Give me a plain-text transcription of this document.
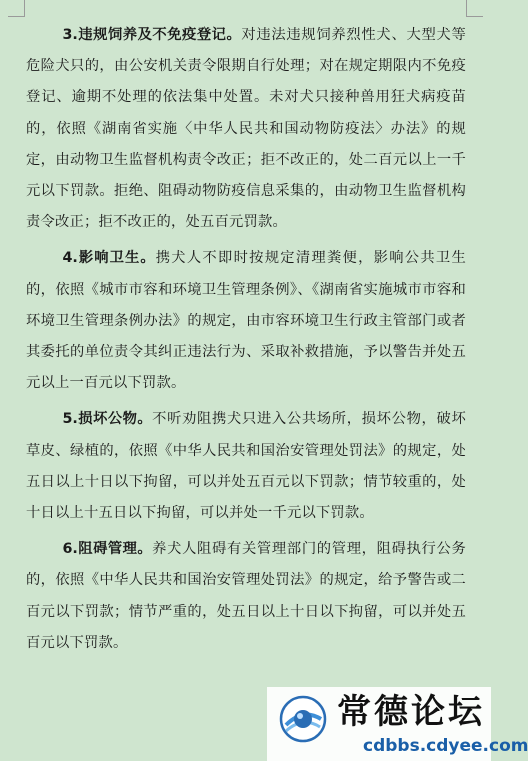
3.违规饲养及不免疫登记。对违法违规饲养烈性犬、大型犬等危险犬只的，由公安机关责令限期自行处理；对在规定期限内不免疫登记、逾期不处理的依法集中处置。未对犬只接种兽用狂犬病疫苗的，依照《湖南省实施〈中华人民共和国动物防疫法〉办法》的规定，由动物卫生监督机构责令改正；拒不改正的，处二百元以上一千元以下罚款。拒绝、阻碍动物防疫信息采集的，由动物卫生监督机构责令改正；拒不改正的，处五百元罚款。

4.影响卫生。携犬人不即时按规定清理粪便，影响公共卫生的，依照《城市市容和环境卫生管理条例》、《湖南省实施城市市容和环境卫生管理条例办法》的规定，由市容环境卫生行政主管部门或者其委托的单位责令其纠正违法行为、采取补救措施，予以警告并处五元以上一百元以下罚款。

5.损坏公物。不听劝阻携犬只进入公共场所，损坏公物，破坏草皮、绿植的，依照《中华人民共和国治安管理处罚法》的规定，处五日以上十日以下拘留，可以并处五百元以下罚款；情节较重的，处十日以上十五日以下拘留，可以并处一千元以下罚款。

6.阻碍管理。养犬人阻碍有关管理部门的管理，阻碍执行公务的，依照《中华人民共和国治安管理处罚法》的规定，给予警告或二百元以下罚款；情节严重的，处五日以上十日以下拘留，可以并处五百元以下罚款。

常德论坛
cdbbs.cdyee.com
